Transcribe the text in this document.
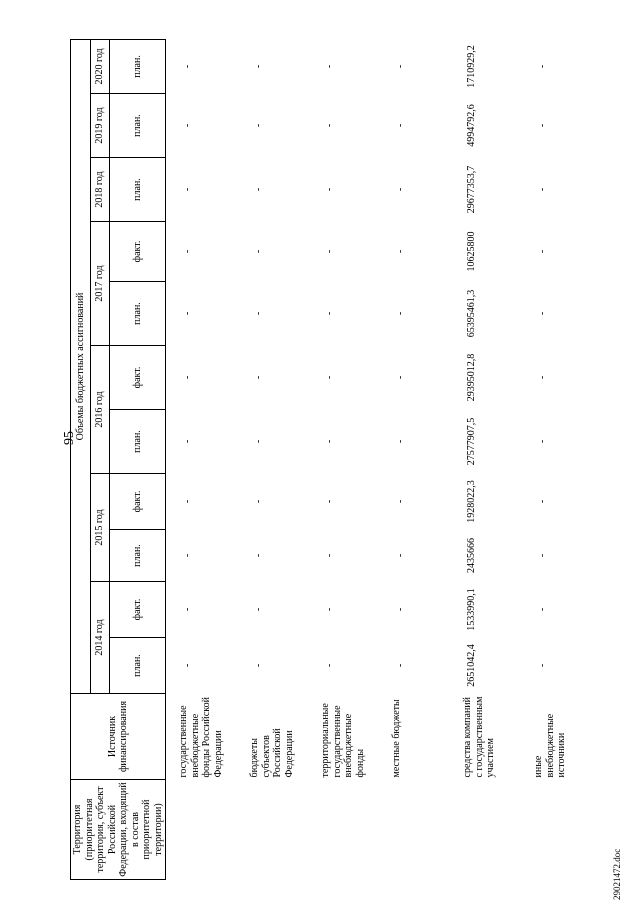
95
29021472.doc
Территория (приоритетная территория, субъект Российской Федерации, входящий в состав приоритетной территории)	Источник финансирования	Объемы бюджетных ассигнований										
		2014 год		2015 год		2016 год		2017 год		2018 год	2019 год	2020 год
		план.	факт.	план.	факт.	план.	факт.	план.	факт.	план.	план.	план.
	государственные внебюджетные фонды Российской Федерации	-	-	-	-	-	-	-	-	-	-	-
	бюджеты субъектов Российской Федерации	-	-	-	-	-	-	-	-	-	-	-
	территориальные государственные внебюджетные фонды	-	-	-	-	-	-	-	-	-	-	-
	местные бюджеты	-	-	-	-	-	-	-	-	-	-	-
	средства компаний с государственным участием	2651042,4	1533990,1	2435666	1928022,3	27577907,5	29395012,8	65395461,3	10625800	29677353,7	4994792,6	1710929,2
	иные внебюджетные источники	-	-	-	-	-	-	-	-	-	-	-
